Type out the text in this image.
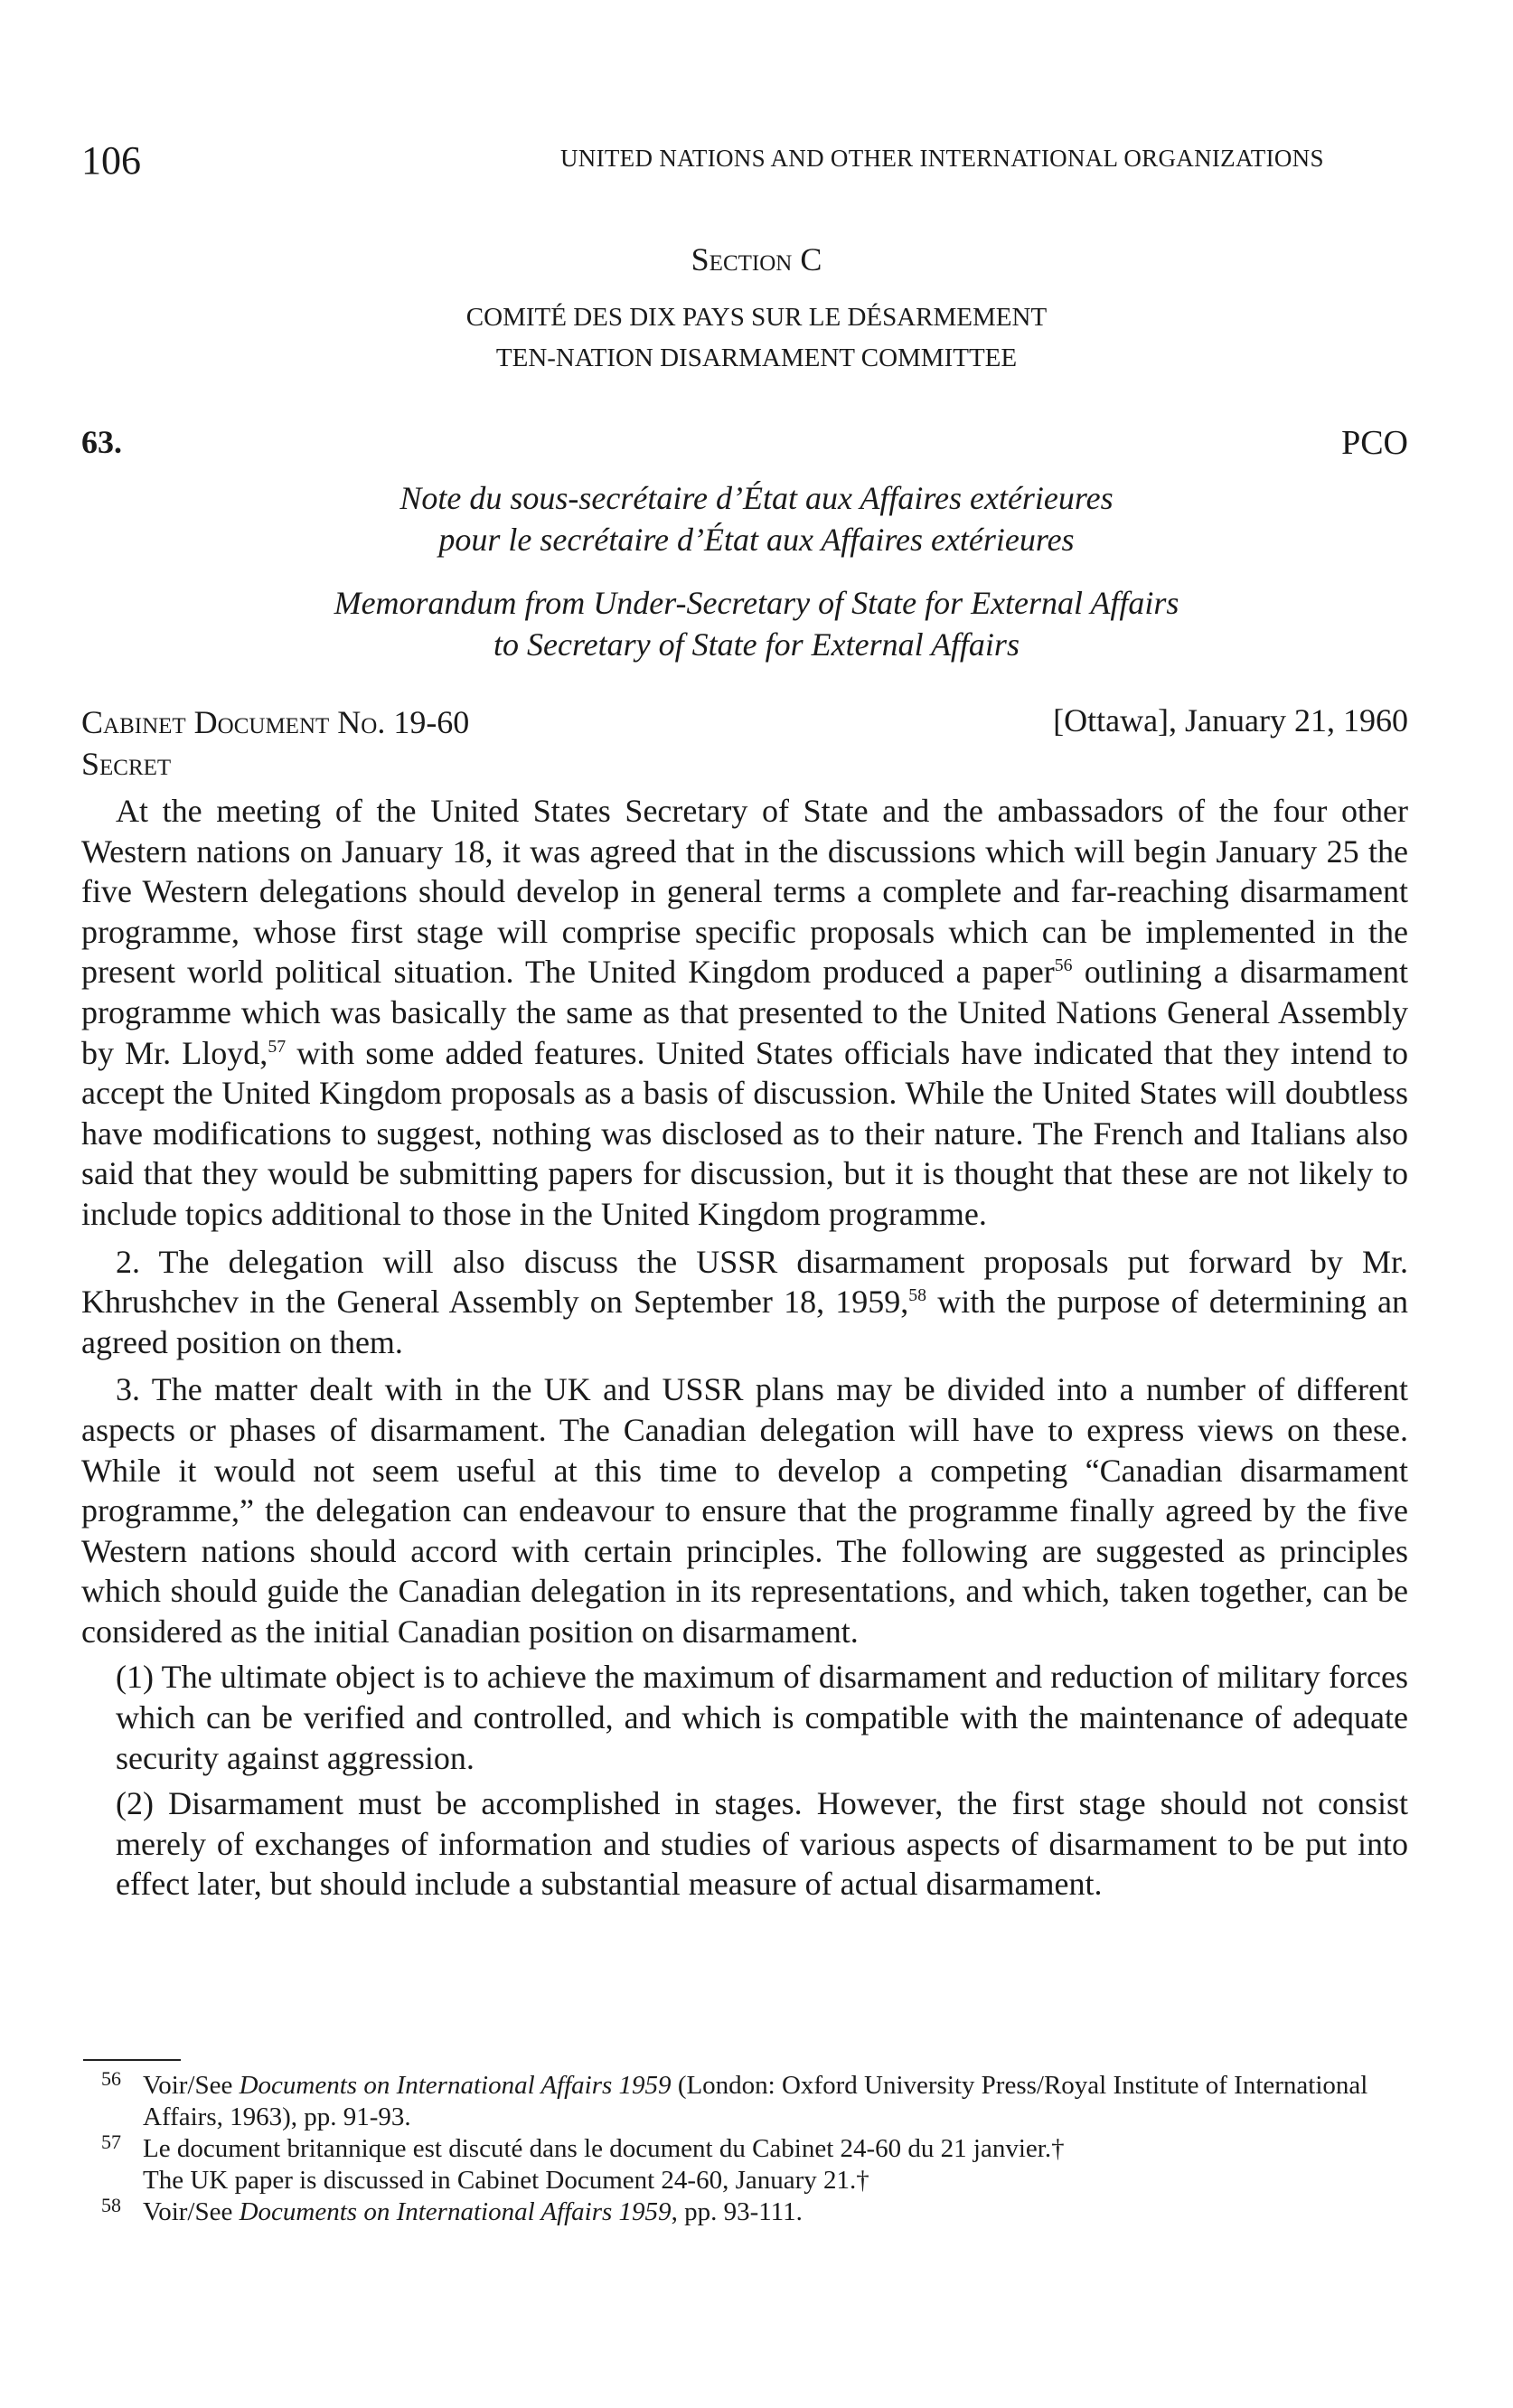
106	UNITED NATIONS AND OTHER INTERNATIONAL ORGANIZATIONS
Section C
COMITÉ DES DIX PAYS SUR LE DÉSARMEMENT
TEN-NATION DISARMAMENT COMMITTEE
63.	PCO
Note du sous-secrétaire d’État aux Affaires extérieures
pour le secrétaire d’État aux Affaires extérieures
Memorandum from Under-Secretary of State for External Affairs
to Secretary of State for External Affairs
Cabinet Document No. 19-60	[Ottawa], January 21, 1960
Secret

At the meeting of the United States Secretary of State and the ambassadors of the four other Western nations on January 18, it was agreed that in the discussions which will begin January 25 the five Western delegations should develop in general terms a complete and far-reaching disarmament programme, whose first stage will comprise specific proposals which can be implemented in the present world political situation. The United Kingdom produced a paper$^{56}$ outlining a disarmament programme which was basically the same as that presented to the United Nations General Assembly by Mr. Lloyd,$^{57}$ with some added features. United States officials have indicated that they intend to accept the United Kingdom proposals as a basis of discussion. While the United States will doubtless have modifications to suggest, nothing was disclosed as to their nature. The French and Italians also said that they would be submitting papers for discussion, but it is thought that these are not likely to include topics additional to those in the United Kingdom programme.

2. The delegation will also discuss the USSR disarmament proposals put forward by Mr. Khrushchev in the General Assembly on September 18, 1959,58 with the purpose of determining an agreed position on them.

3. The matter dealt with in the UK and USSR plans may be divided into a number of different aspects or phases of disarmament. The Canadian delegation will have to express views on these. While it would not seem useful at this time to develop a competing “Canadian disarmament programme,” the delegation can endeavour to ensure that the programme finally agreed by the five Western nations should accord with certain principles. The following are suggested as principles which should guide the Canadian delegation in its representations, and which, taken together, can be considered as the initial Canadian position on disarmament.

(1) The ultimate object is to achieve the maximum of disarmament and reduction of military forces which can be verified and controlled, and which is compatible with the maintenance of adequate security against aggression.

(2) Disarmament must be accomplished in stages. However, the first stage should not consist merely of exchanges of information and studies of various aspects of disarmament to be put into effect later, but should include a substantial measure of actual disarmament.

56 Voir/See Documents on International Affairs 1959 (London: Oxford University Press/Royal Institute of International Affairs, 1963), pp. 91-93.

57 Le document britannique est discuté dans le document du Cabinet 24-60 du 21 janvier.†

The UK paper is discussed in Cabinet Document 24-60, January 21.†

58 Voir/See Documents on International Affairs 1959, pp. 93-111.
